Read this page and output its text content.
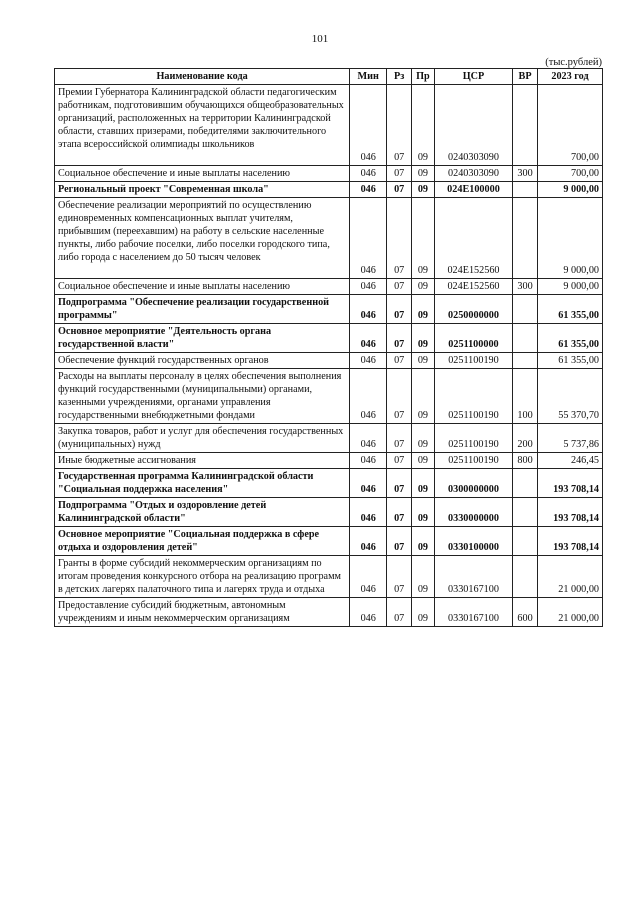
101
(тыс.рублей)
Наименование кода	Мин	Рз	Пр	ЦСР	ВР	2023 год
Премии Губернатора Калининградской области педагогическим работникам, подготовившим обучающихся общеобразовательных организаций, расположенных на территории Калининградской области, ставших призерами, победителями заключительного этапа всероссийской олимпиады школьников	046	07	09	0240303090		700,00
Социальное обеспечение и иные выплаты населению	046	07	09	0240303090	300	700,00
Региональный проект "Современная школа"	046	07	09	024E100000		9 000,00
Обеспечение реализации мероприятий по осуществлению единовременных компенсационных выплат учителям, прибывшим (переехавшим) на работу в сельские населенные пункты, либо рабочие поселки, либо поселки городского типа, либо города с населением до 50 тысяч человек	046	07	09	024E152560		9 000,00
Социальное обеспечение и иные выплаты населению	046	07	09	024E152560	300	9 000,00
Подпрограмма "Обеспечение реализации государственной программы"	046	07	09	0250000000		61 355,00
Основное мероприятие "Деятельность органа государственной власти"	046	07	09	0251100000		61 355,00
Обеспечение функций государственных органов	046	07	09	0251100190		61 355,00
Расходы на выплаты персоналу в целях обеспечения выполнения функций государственными (муниципальными) органами, казенными учреждениями, органами управления государственными внебюджетными фондами	046	07	09	0251100190	100	55 370,70
Закупка товаров, работ и услуг для обеспечения государственных (муниципальных) нужд	046	07	09	0251100190	200	5 737,86
Иные бюджетные ассигнования	046	07	09	0251100190	800	246,45
Государственная программа Калининградской области "Социальная поддержка населения"	046	07	09	0300000000		193 708,14
Подпрограмма "Отдых и оздоровление детей Калининградской области"	046	07	09	0330000000		193 708,14
Основное мероприятие "Социальная поддержка в сфере отдыха и оздоровления детей"	046	07	09	0330100000		193 708,14
Гранты в форме субсидий некоммерческим организациям по итогам проведения конкурсного отбора на реализацию программ в детских лагерях палаточного типа и лагерях труда и отдыха	046	07	09	0330167100		21 000,00
Предоставление субсидий бюджетным, автономным учреждениям и иным некоммерческим организациям	046	07	09	0330167100	600	21 000,00
